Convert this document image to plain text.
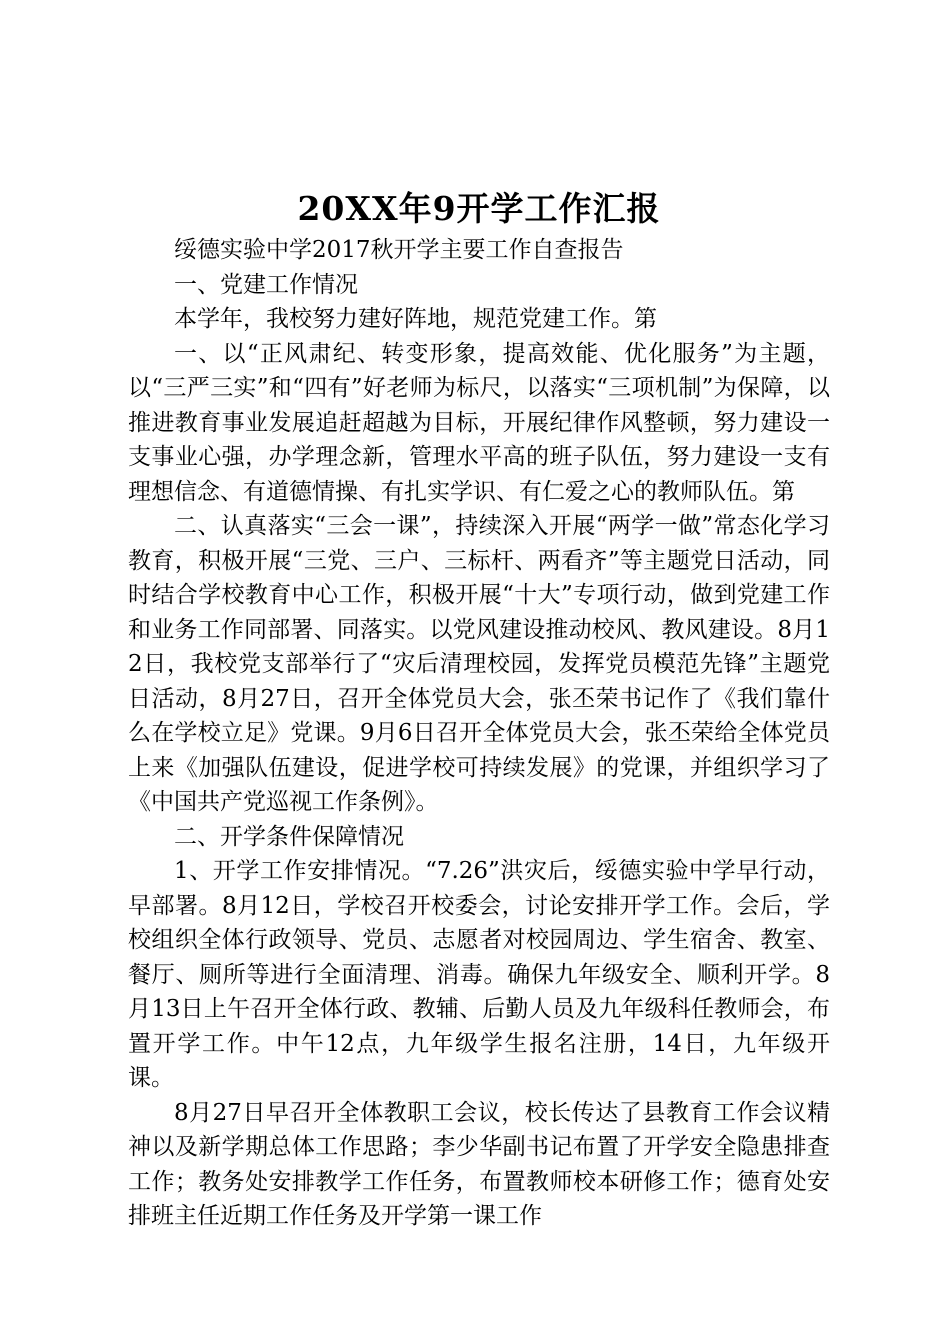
20XX年9开学工作汇报

绥德实验中学2017秋开学主要工作自查报告

一、党建工作情况

本学年，我校努力建好阵地，规范党建工作。第

一、以“正风肃纪、转变形象，提高效能、优化服务”为主题，以“三严三实”和“四有”好老师为标尺，以落实“三项机制”为保障，以推进教育事业发展追赶超越为目标，开展纪律作风整顿，努力建设一支事业心强，办学理念新，管理水平高的班子队伍，努力建设一支有理想信念、有道德情操、有扎实学识、有仁爱之心的教师队伍。第

二、认真落实“三会一课”，持续深入开展“两学一做”常态化学习教育，积极开展“三党、三户、三标杆、两看齐”等主题党日活动，同时结合学校教育中心工作，积极开展“十大”专项行动，做到党建工作和业务工作同部署、同落实。以党风建设推动校风、教风建设。8月12日，我校党支部举行了“灾后清理校园，发挥党员模范先锋”主题党日活动，8月27日，召开全体党员大会，张丕荣书记作了《我们靠什么在学校立足》党课。9月6日召开全体党员大会，张丕荣给全体党员上来《加强队伍建设，促进学校可持续发展》的党课，并组织学习了《中国共产党巡视工作条例》。

二、开学条件保障情况

1、开学工作安排情况。“7.26”洪灾后，绥德实验中学早行动，早部署。8月12日，学校召开校委会，讨论安排开学工作。会后，学校组织全体行政领导、党员、志愿者对校园周边、学生宿舍、教室、餐厅、厕所等进行全面清理、消毒。确保九年级安全、顺利开学。8月13日上午召开全体行政、教辅、后勤人员及九年级科任教师会，布置开学工作。中午12点，九年级学生报名注册，14日，九年级开课。

8月27日早召开全体教职工会议，校长传达了县教育工作会议精神以及新学期总体工作思路；李少华副书记布置了开学安全隐患排查工作；教务处安排教学工作任务，布置教师校本研修工作；德育处安排班主任近期工作任务及开学第一课工作
